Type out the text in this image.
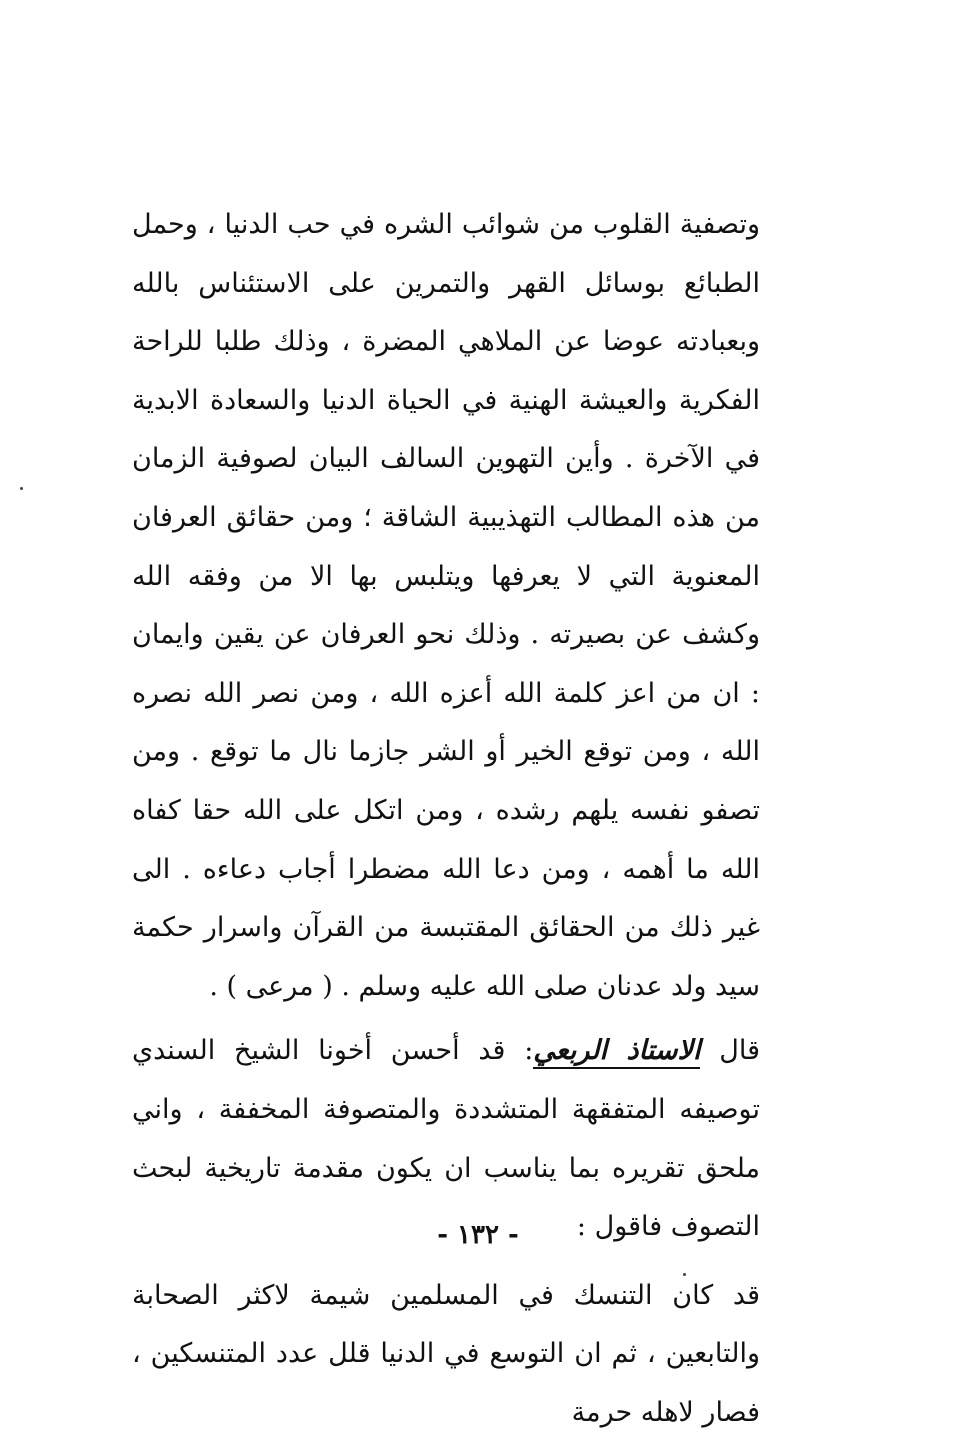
وتصفية القلوب من شوائب الشره في حب الدنيا ، وحمل الطبائع بوسائل القهر والتمرين على الاستئناس بالله وبعبادته عوضا عن الملاهي المضرة ، وذلك طلبا للراحة الفكرية والعيشة الهنية في الحياة الدنيا والسعادة الابدية في الآخرة . وأين التهوين السالف البيان لصوفية الزمان من هذه المطالب التهذيبية الشاقة ؛ ومن حقائق العرفان المعنوية التي لا يعرفها ويتلبس بها الا من وفقه الله وكشف عن بصيرته . وذلك نحو العرفان عن يقين وايمان : ان من اعز كلمة الله أعزه الله ، ومن نصر الله نصره الله ، ومن توقع الخير أو الشر جازما نال ما توقع . ومن تصفو نفسه يلهم رشده ، ومن اتكل على الله حقا كفاه الله ما أهمه ، ومن دعا الله مضطرا أجاب دعاءه . الى غير ذلك من الحقائق المقتبسة من القرآن واسرار حكمة سيد ولد عدنان صلى الله عليه وسلم . ( مرعى ) .

قال الاستاذ الربعي: قد أحسن أخونا الشيخ السندي توصيفه المتفقهة المتشددة والمتصوفة المخففة ، واني ملحق تقريره بما يناسب ان يكون مقدمة تاريخية لبحث التصوف فاقول :

قد كان التنسك في المسلمين شيمة لاكثر الصحابة والتابعين ، ثم ان التوسع في الدنيا قلل عدد المتنسكين ، فصار لاهله حرمة

- ١٣٢ -
